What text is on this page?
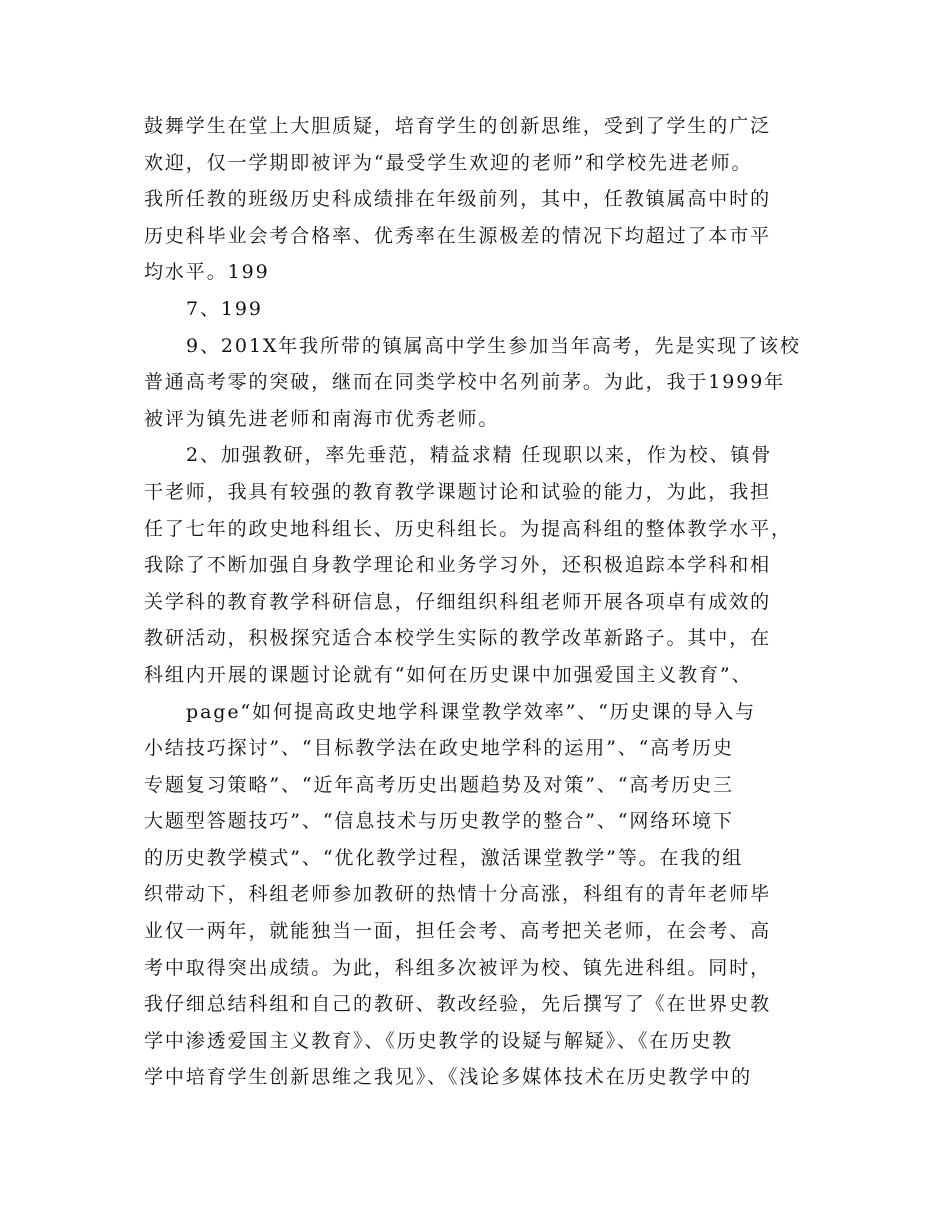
鼓舞学生在堂上大胆质疑，培育学生的创新思维，受到了学生的广泛
欢迎，仅一学期即被评为“最受学生欢迎的老师”和学校先进老师。
我所任教的班级历史科成绩排在年级前列，其中，任教镇属高中时的
历史科毕业会考合格率、优秀率在生源极差的情况下均超过了本市平
均水平。199
7、199
9、201X年我所带的镇属高中学生参加当年高考，先是实现了该校
普通高考零的突破，继而在同类学校中名列前茅。为此，我于1999年
被评为镇先进老师和南海市优秀老师。
2、加强教研，率先垂范，精益求精 任现职以来，作为校、镇骨
干老师，我具有较强的教育教学课题讨论和试验的能力，为此，我担
任了七年的政史地科组长、历史科组长。为提高科组的整体教学水平，
我除了不断加强自身教学理论和业务学习外，还积极追踪本学科和相
关学科的教育教学科研信息，仔细组织科组老师开展各项卓有成效的
教研活动，积极探究适合本校学生实际的教学改革新路子。其中，在
科组内开展的课题讨论就有“如何在历史课中加强爱国主义教育”、
page“如何提高政史地学科课堂教学效率”、“历史课的导入与
小结技巧探讨”、“目标教学法在政史地学科的运用”、“高考历史
专题复习策略”、“近年高考历史出题趋势及对策”、“高考历史三
大题型答题技巧”、“信息技术与历史教学的整合”、“网络环境下
的历史教学模式”、“优化教学过程，激活课堂教学”等。在我的组
织带动下，科组老师参加教研的热情十分高涨，科组有的青年老师毕
业仅一两年，就能独当一面，担任会考、高考把关老师，在会考、高
考中取得突出成绩。为此，科组多次被评为校、镇先进科组。同时，
我仔细总结科组和自己的教研、教改经验，先后撰写了《在世界史教
学中渗透爱国主义教育》、《历史教学的设疑与解疑》、《在历史教
学中培育学生创新思维之我见》、《浅论多媒体技术在历史教学中的
